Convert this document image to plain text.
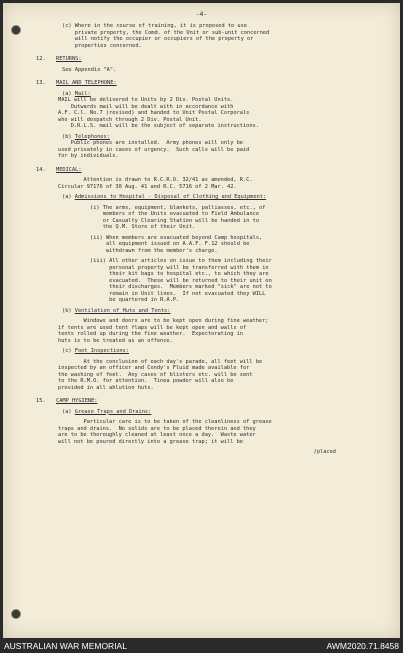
-4-
(c) Where in the course of training, it is proposed to use
private property, the Comd. of the Unit or sub-unit concerned
will notify the occupier or occupiers of the property or
properties concerned.
12.	RETURNS:
See Appendix "A".
13.	MAIL AND TELEPHONE:
(a) Mail:
MAIL will be delivered to Units by 2 Div. Postal Units.
Outwards mail will be dealt with in accordance with
A.F. C.l. No.7 (revised) and handed to Unit Postal Corporals
who will despatch through 2 Div. Postal Unit.
D.R.L.S. mail will be the subject of separate instructions.
(b) Telephones:
Public phones are installed.  Army phones will only be
used privately in cases of urgency.  Such calls will be paid
for by individuals.
14.	MEDICAL:
Attention is drawn to R.C.R.O. 32/41 as amended, R.C.
Circular 97176 of 30 Aug. 41 and R.C. 5716 of 2 Mar. 42.
(a) Admissions to Hospital - Disposal of Clothing and Equipment:
(i) The arms, equipment, blankets, palliasses, etc., of
members of the Units evacuated to Field Ambulance
or Casualty Clearing Station will be handed in to
the Q.M. Store of their Unit.
(ii) When members are evacuated beyond Camp hospitals,
all equipment issued on A.A.F. F.12 should be
withdrawn from the member's charge.
(iii) All other articles on issue to them including their
personal property will be transferred with them in
their kit bags to hospital etc., to which they are
evacuated.  These will be returned to their unit on
their discharges.  Members marked "sick" are not to
remain in Unit lines.  If not evacuated they WILL
be quartered in R.A.P.
(b) Ventilation of Huts and Tents:
Windows and doors are to be kept open during fine weather;
if tents are used tent flaps will be kept open and walls of
tents rolled up during the fine weather.  Expectorating in
huts is to be treated as an offence.
(c) Foot Inspections:
At the conclusion of each day's parade, all feet will be
inspected by an officer and Condy's Fluid made available for
the washing of feet.  Any cases of blisters etc. will be sent
to the R.M.O. for attention.  Tinea powder will also be
provided in all ablution huts.
15.	CAMP HYGIENE:
(a) Grease Traps and Drains:
Particular care is to be taken of the cleanliness of grease
traps and drains.  No solids are to be placed therein and they
are to be thoroughly cleaned at least once a day.  Waste water
will not be poured directly into a grease trap; it will be
/placed
AUSTRALIAN WAR MEMORIAL	AWM2020.71.8458
